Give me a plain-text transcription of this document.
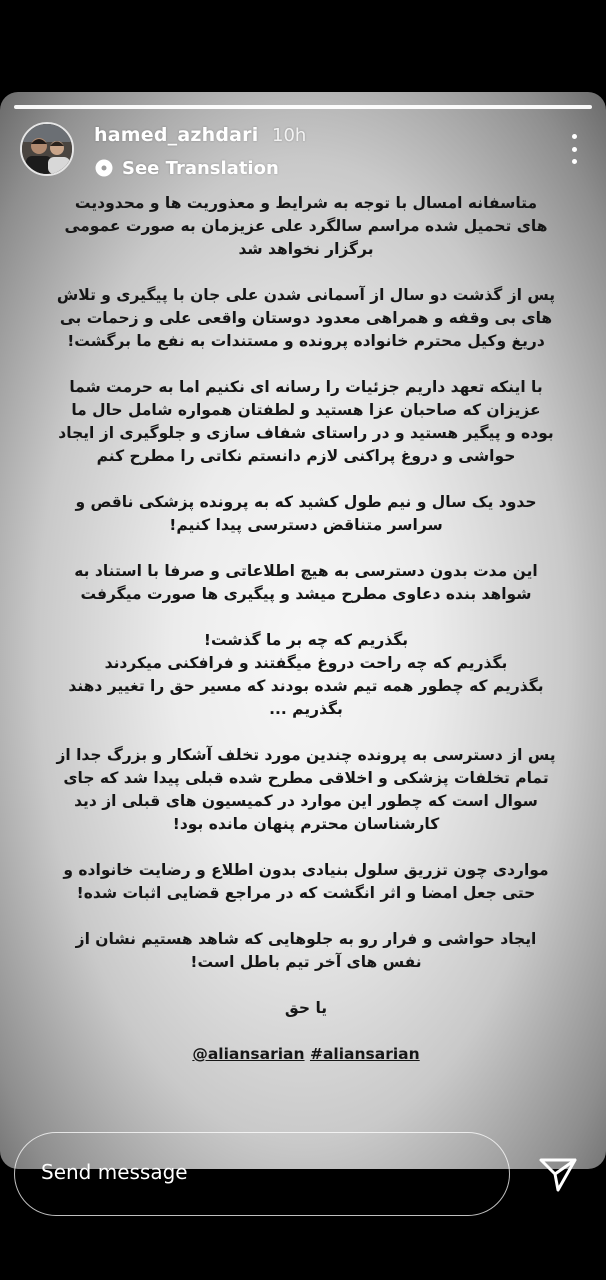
hamed_azhdari 10h
See Translation

متاسفانه امسال با توجه به شرایط و معذوریت ها و محدودیت
های تحمیل شده مراسم سالگرد علی عزیزمان به صورت عمومی
برگزار نخواهد شد

پس از گذشت دو سال از آسمانی شدن علی جان با پیگیری و تلاش
های بی وقفه و همراهی معدود دوستان واقعی علی و زحمات بی
دریغ وکیل محترم خانواده پرونده و مستندات به نفع ما برگشت!

با اینکه تعهد داریم جزئیات را رسانه ای نکنیم اما به حرمت شما
عزیزان که صاحبان عزا هستید و لطفتان همواره شامل حال ما
بوده و پیگیر هستید و در راستای شفاف سازی و جلوگیری از ایجاد
حواشی و دروغ پراکنی لازم دانستم نکاتی را مطرح کنم

حدود یک سال و نیم طول کشید که به پرونده پزشکی ناقص و
سراسر متناقض دسترسی پیدا کنیم!

این مدت بدون دسترسی به هیچ اطلاعاتی و صرفا با استناد به
شواهد بنده دعاوی مطرح میشد و پیگیری ها صورت میگرفت

بگذریم که چه بر ما گذشت!
بگذریم که چه راحت دروغ میگفتند و فرافکنی میکردند
بگذریم که چطور همه تیم شده بودند که مسیر حق را تغییر دهند
بگذریم ...

پس از دسترسی به پرونده چندین مورد تخلف آشکار و بزرگ جدا از
تمام تخلفات پزشکی و اخلاقی مطرح شده قبلی پیدا شد که جای
سوال است که چطور این موارد در کمیسیون های قبلی از دید
کارشناسان محترم پنهان مانده بود!

مواردی چون تزریق سلول بنیادی بدون اطلاع و رضایت خانواده و
حتی جعل امضا و اثر انگشت که در مراجع قضایی اثبات شده!

ایجاد حواشی و فرار رو به جلوهایی که شاهد هستیم نشان از
نفس های آخر تیم باطل است!

یا حق

@aliansarian #aliansarian
Send message
